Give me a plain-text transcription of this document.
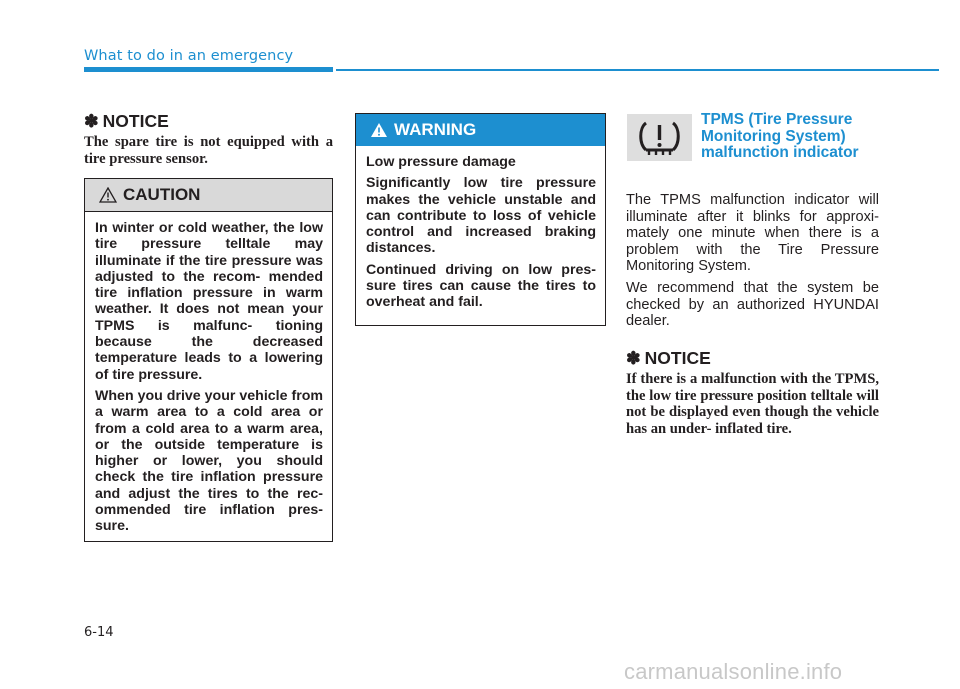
What to do in an emergency
✽ NOTICE
The spare tire is not equipped with a tire pressure sensor.
CAUTION

In winter or cold weather, the low tire pressure telltale may illuminate if the tire pressure was adjusted to the recom- mended tire inflation pressure in warm weather. It does not mean your TPMS is malfunc- tioning because the decreased temperature leads to a lowering of tire pressure.

When you drive your vehicle from a warm area to a cold area or from a cold area to a warm area, or the outside temperature is higher or lower, you should check the tire inflation pressure and adjust the tires to the rec- ommended tire inflation pres- sure.

WARNING

Low pressure damage

Significantly low tire pressure makes the vehicle unstable and can contribute to loss of vehicle control and increased braking distances.

Continued driving on low pres- sure tires can cause the tires to overheat and fail.

TPMS (Tire Pressure Monitoring System) malfunction indicator

The TPMS malfunction indicator will illuminate after it blinks for approxi- mately one minute when there is a problem with the Tire Pressure Monitoring System.

We recommend that the system be checked by an authorized HYUNDAI dealer.

✽ NOTICE
If there is a malfunction with the TPMS, the low tire pressure position telltale will not be displayed even though the vehicle has an under- inflated tire.
6-14
carmanualsonline.info
